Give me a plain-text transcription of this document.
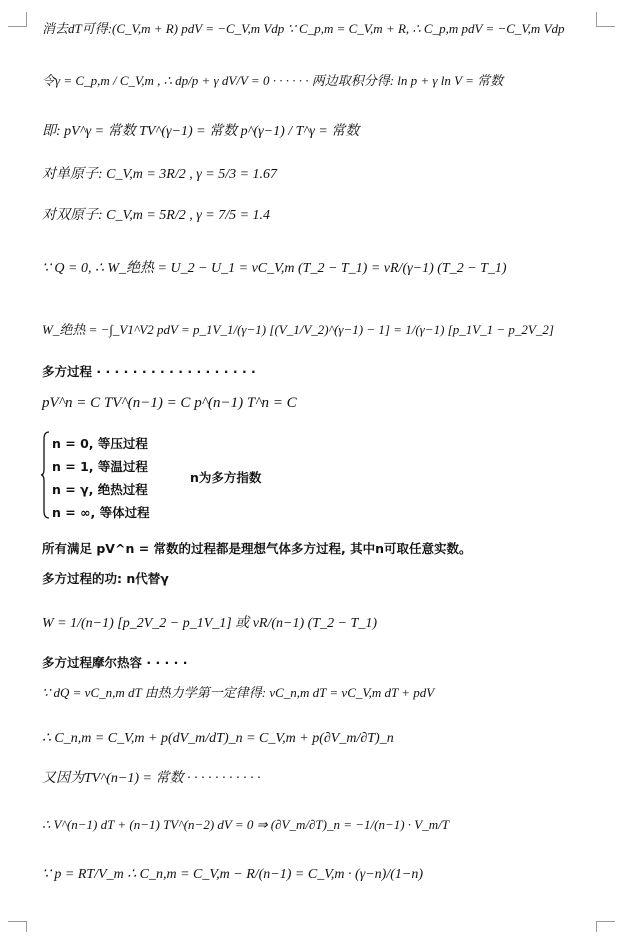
消去dT可得:(C_V,m + R) pdV = −C_V,m Vdp ∵ C_p,m = C_V,m + R, ∴ C_p,m pdV = −C_V,m Vdp
令γ = C_p,m / C_V,m , ∴ dp/p + γ dV/V = 0 · · · · · · 两边取积分得: ln p + γ ln V = 常数
即: pV^γ = 常数 TV^(γ−1) = 常数 p^(γ−1) / T^γ = 常数
对单原子: C_V,m = 3R/2 , γ = 5/3 = 1.67
对双原子: C_V,m = 5R/2 , γ = 7/5 = 1.4
∵ Q = 0, ∴ W_绝热 = U_2 − U_1 = νC_V,m (T_2 − T_1) = νR/(γ−1) (T_2 − T_1)
W_绝热 = −∫_V1^V2 pdV = p_1V_1/(γ−1) [(V_1/V_2)^(γ−1) − 1] = 1/(γ−1) [p_1V_1 − p_2V_2]
多方过程 · · · · · · · · · · · · · · · · · ·
pV^n = C TV^(n−1) = C p^(n−1) T^n = C
n = 0, 等压过程
n = 1, 等温过程
n = γ, 绝热过程
n = ∞, 等体过程
n为多方指数
所有满足 pV^n = 常数的过程都是理想气体多方过程, 其中n可取任意实数。
多方过程的功: n代替γ
W = 1/(n−1) [p_2V_2 − p_1V_1] 或 νR/(n−1) (T_2 − T_1)
多方过程摩尔热容 · · · · ·
∵ dQ = νC_n,m dT 由热力学第一定律得: νC_n,m dT = νC_V,m dT + pdV
∴ C_n,m = C_V,m + p(dV_m/dT)_n = C_V,m + p(∂V_m/∂T)_n
又因为TV^(n−1) = 常数 · · · · · · · · · · ·
∴ V^(n−1) dT + (n−1) TV^(n−2) dV = 0 ⇒ (∂V_m/∂T)_n = −1/(n−1) · V_m/T
∵ p = RT/V_m ∴ C_n,m = C_V,m − R/(n−1) = C_V,m · (γ−n)/(1−n)
